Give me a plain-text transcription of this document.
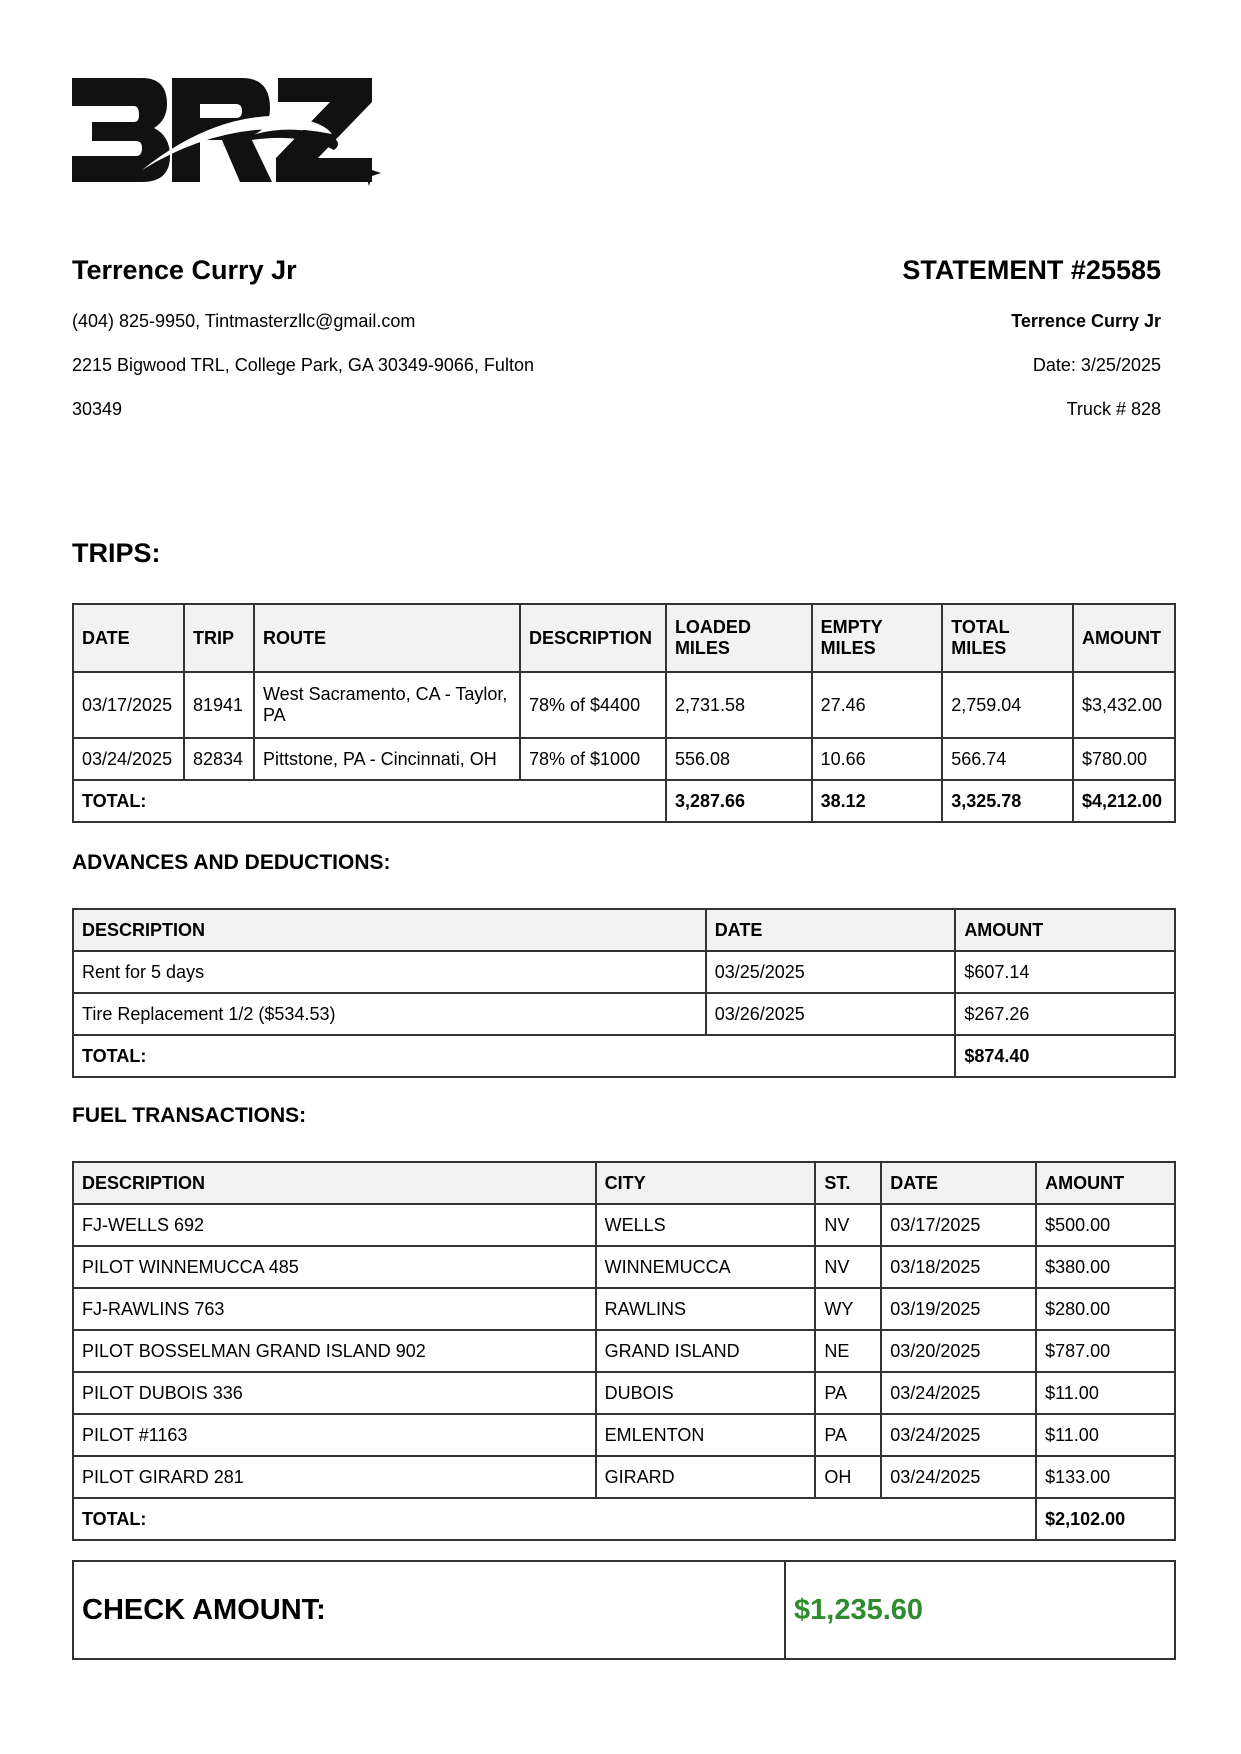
Terrence Curry Jr
(404) 825-9950, Tintmasterzllc@gmail.com
2215 Bigwood TRL, College Park, GA 30349-9066, Fulton
30349
STATEMENT #25585
Terrence Curry Jr
Date: 3/25/2025
Truck # 828
TRIPS:
DATE	TRIP	ROUTE	DESCRIPTION	LOADED MILES	EMPTY MILES	TOTAL MILES	AMOUNT
03/17/2025	81941	West Sacramento, CA - Taylor, PA	78% of $4400	2,731.58	27.46	2,759.04	$3,432.00
03/24/2025	82834	Pittstone, PA - Cincinnati, OH	78% of $1000	556.08	10.66	566.74	$780.00
TOTAL:				3,287.66	38.12	3,325.78	$4,212.00
ADVANCES AND DEDUCTIONS:
DESCRIPTION	DATE	AMOUNT
Rent for 5 days	03/25/2025	$607.14
Tire Replacement 1/2 ($534.53)	03/26/2025	$267.26
TOTAL:		$874.40
FUEL TRANSACTIONS:
DESCRIPTION	CITY	ST.	DATE	AMOUNT
FJ-WELLS 692	WELLS	NV	03/17/2025	$500.00
PILOT WINNEMUCCA 485	WINNEMUCCA	NV	03/18/2025	$380.00
FJ-RAWLINS 763	RAWLINS	WY	03/19/2025	$280.00
PILOT BOSSELMAN GRAND ISLAND 902	GRAND ISLAND	NE	03/20/2025	$787.00
PILOT DUBOIS 336	DUBOIS	PA	03/24/2025	$11.00
PILOT #1163	EMLENTON	PA	03/24/2025	$11.00
PILOT GIRARD 281	GIRARD	OH	03/24/2025	$133.00
TOTAL:				$2,102.00
CHECK AMOUNT:	$1,235.60
